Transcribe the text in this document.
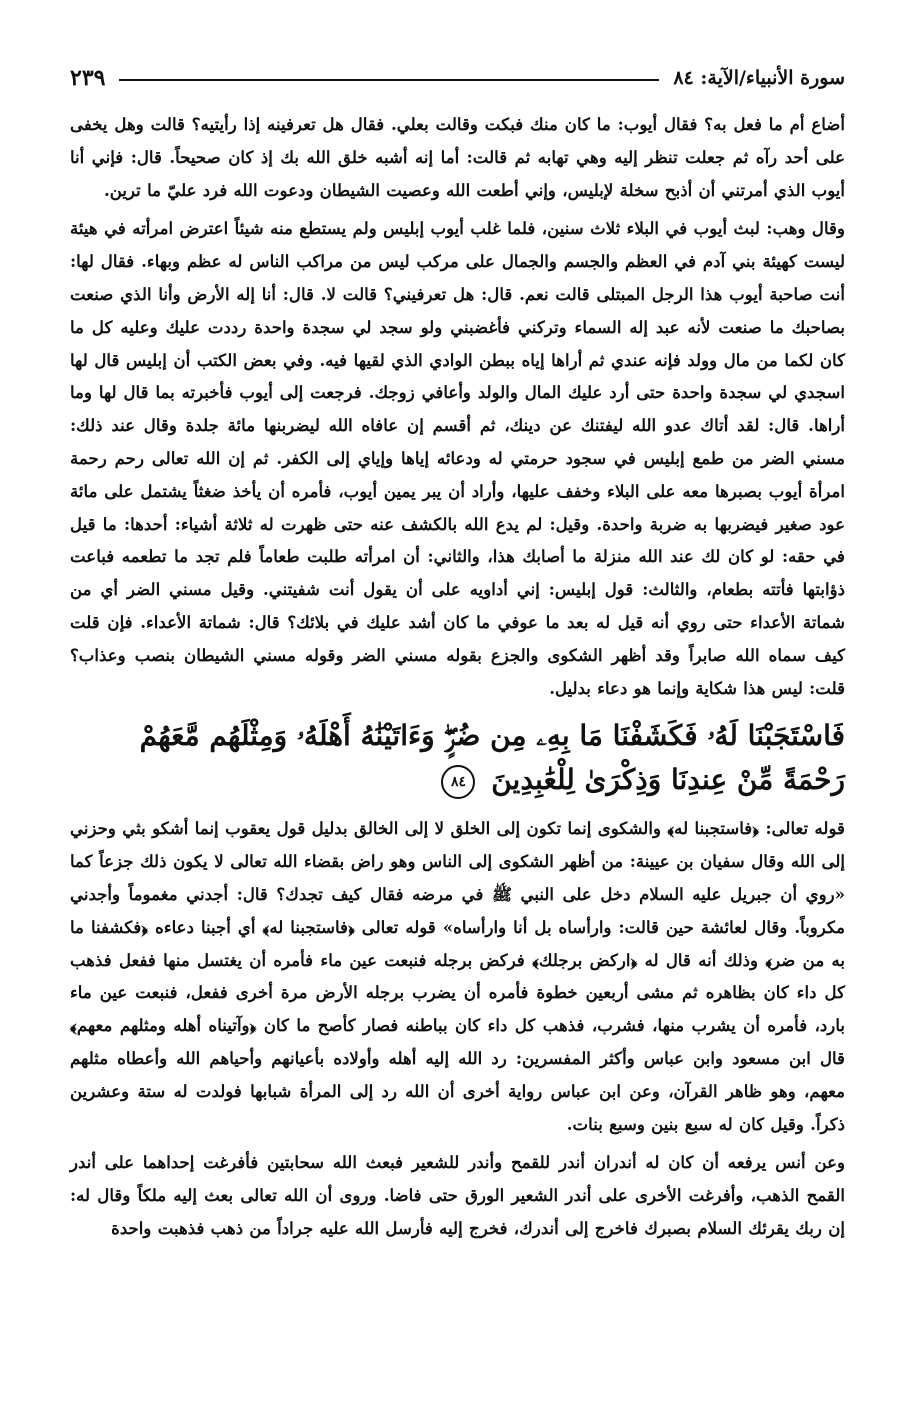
سورة الأنبياء/الآية: ٨٤
٢٣٩

أضاع أم ما فعل به؟ فقال أيوب: ما كان منك فبكت وقالت بعلي. فقال هل تعرفينه إذا رأيتيه؟ قالت وهل يخفى على أحد رآه ثم جعلت تنظر إليه وهي تهابه ثم قالت: أما إنه أشبه خلق الله بك إذ كان صحيحاً. قال: فإني أنا أيوب الذي أمرتني أن أذبح سخلة لإبليس، وإني أطعت الله وعصيت الشيطان ودعوت الله فرد عليّ ما ترين.

وقال وهب: لبث أيوب في البلاء ثلاث سنين، فلما غلب أيوب إبليس ولم يستطع منه شيئاً اعترض امرأته في هيئة ليست كهيئة بني آدم في العظم والجسم والجمال على مركب ليس من مراكب الناس له عظم وبهاء. فقال لها: أنت صاحبة أيوب هذا الرجل المبتلى قالت نعم. قال: هل تعرفيني؟ قالت لا. قال: أنا إله الأرض وأنا الذي صنعت بصاحبك ما صنعت لأنه عبد إله السماء وتركني فأغضبني ولو سجد لي سجدة واحدة رددت عليك وعليه كل ما كان لكما من مال وولد فإنه عندي ثم أراها إياه ببطن الوادي الذي لقيها فيه. وفي بعض الكتب أن إبليس قال لها اسجدي لي سجدة واحدة حتى أرد عليك المال والولد وأعافي زوجك. فرجعت إلى أيوب فأخبرته بما قال لها وما أراها. قال: لقد أتاك عدو الله ليفتنك عن دينك، ثم أقسم إن عافاه الله ليضربنها مائة جلدة وقال عند ذلك: مسني الضر من طمع إبليس في سجود حرمتي له ودعائه إياها وإياي إلى الكفر. ثم إن الله تعالى رحم رحمة امرأة أيوب بصبرها معه على البلاء وخفف عليها، وأراد أن يبر يمين أيوب، فأمره أن يأخذ ضغثاً يشتمل على مائة عود صغير فيضربها به ضربة واحدة. وقيل: لم يدع الله بالكشف عنه حتى ظهرت له ثلاثة أشياء: أحدها: ما قيل في حقه: لو كان لك عند الله منزلة ما أصابك هذا، والثاني: أن امرأته طلبت طعاماً فلم تجد ما تطعمه فباعت ذؤابتها فأتته بطعام، والثالث: قول إبليس: إني أداويه على أن يقول أنت شفيتني. وقيل مسني الضر أي من شماتة الأعداء حتى روي أنه قيل له بعد ما عوفي ما كان أشد عليك في بلائك؟ قال: شماتة الأعداء. فإن قلت كيف سماه الله صابراً وقد أظهر الشكوى والجزع بقوله مسني الضر وقوله مسني الشيطان بنصب وعذاب؟ قلت: ليس هذا شكاية وإنما هو دعاء بدليل.

فَاسْتَجَبْنَا لَهُۥ فَكَشَفْنَا مَا بِهِۦ مِن ضُرٍّۖ وَءَاتَيْنَٰهُ أَهْلَهُۥ وَمِثْلَهُم مَّعَهُمْ رَحْمَةً مِّنْ عِندِنَا وَذِكْرَىٰ لِلْعَٰبِدِينَ ٨٤

قوله تعالى: ﴿فاستجبنا له﴾ والشكوى إنما تكون إلى الخلق لا إلى الخالق بدليل قول يعقوب إنما أشكو بثي وحزني إلى الله وقال سفيان بن عيينة: من أظهر الشكوى إلى الناس وهو راض بقضاء الله تعالى لا يكون ذلك جزعاً كما «روي أن جبريل عليه السلام دخل على النبي ﷺ في مرضه فقال كيف تجدك؟ قال: أجدني مغموماً وأجدني مكروباً. وقال لعائشة حين قالت: وارأساه بل أنا وارأساه» قوله تعالى ﴿فاستجبنا له﴾ أي أجبنا دعاءه ﴿فكشفنا ما به من ضر﴾ وذلك أنه قال له ﴿اركض برجلك﴾ فركض برجله فنبعت عين ماء فأمره أن يغتسل منها ففعل فذهب كل داء كان بظاهره ثم مشى أربعين خطوة فأمره أن يضرب برجله الأرض مرة أخرى ففعل، فنبعت عين ماء بارد، فأمره أن يشرب منها، فشرب، فذهب كل داء كان بباطنه فصار كأصح ما كان ﴿وآتيناه أهله ومثلهم معهم﴾ قال ابن مسعود وابن عباس وأكثر المفسرين: رد الله إليه أهله وأولاده بأعيانهم وأحياهم الله وأعطاه مثلهم معهم، وهو ظاهر القرآن، وعن ابن عباس رواية أخرى أن الله رد إلى المرأة شبابها فولدت له ستة وعشرين ذكراً. وقيل كان له سبع بنين وسبع بنات.

وعن أنس يرفعه أن كان له أندران أندر للقمح وأندر للشعير فبعث الله سحابتين فأفرغت إحداهما على أندر القمح الذهب، وأفرغت الأخرى على أندر الشعير الورق حتى فاضا. وروى أن الله تعالى بعث إليه ملكاً وقال له: إن ربك يقرئك السلام بصبرك فاخرج إلى أندرك، فخرج إليه فأرسل الله عليه جراداً من ذهب فذهبت واحدة
